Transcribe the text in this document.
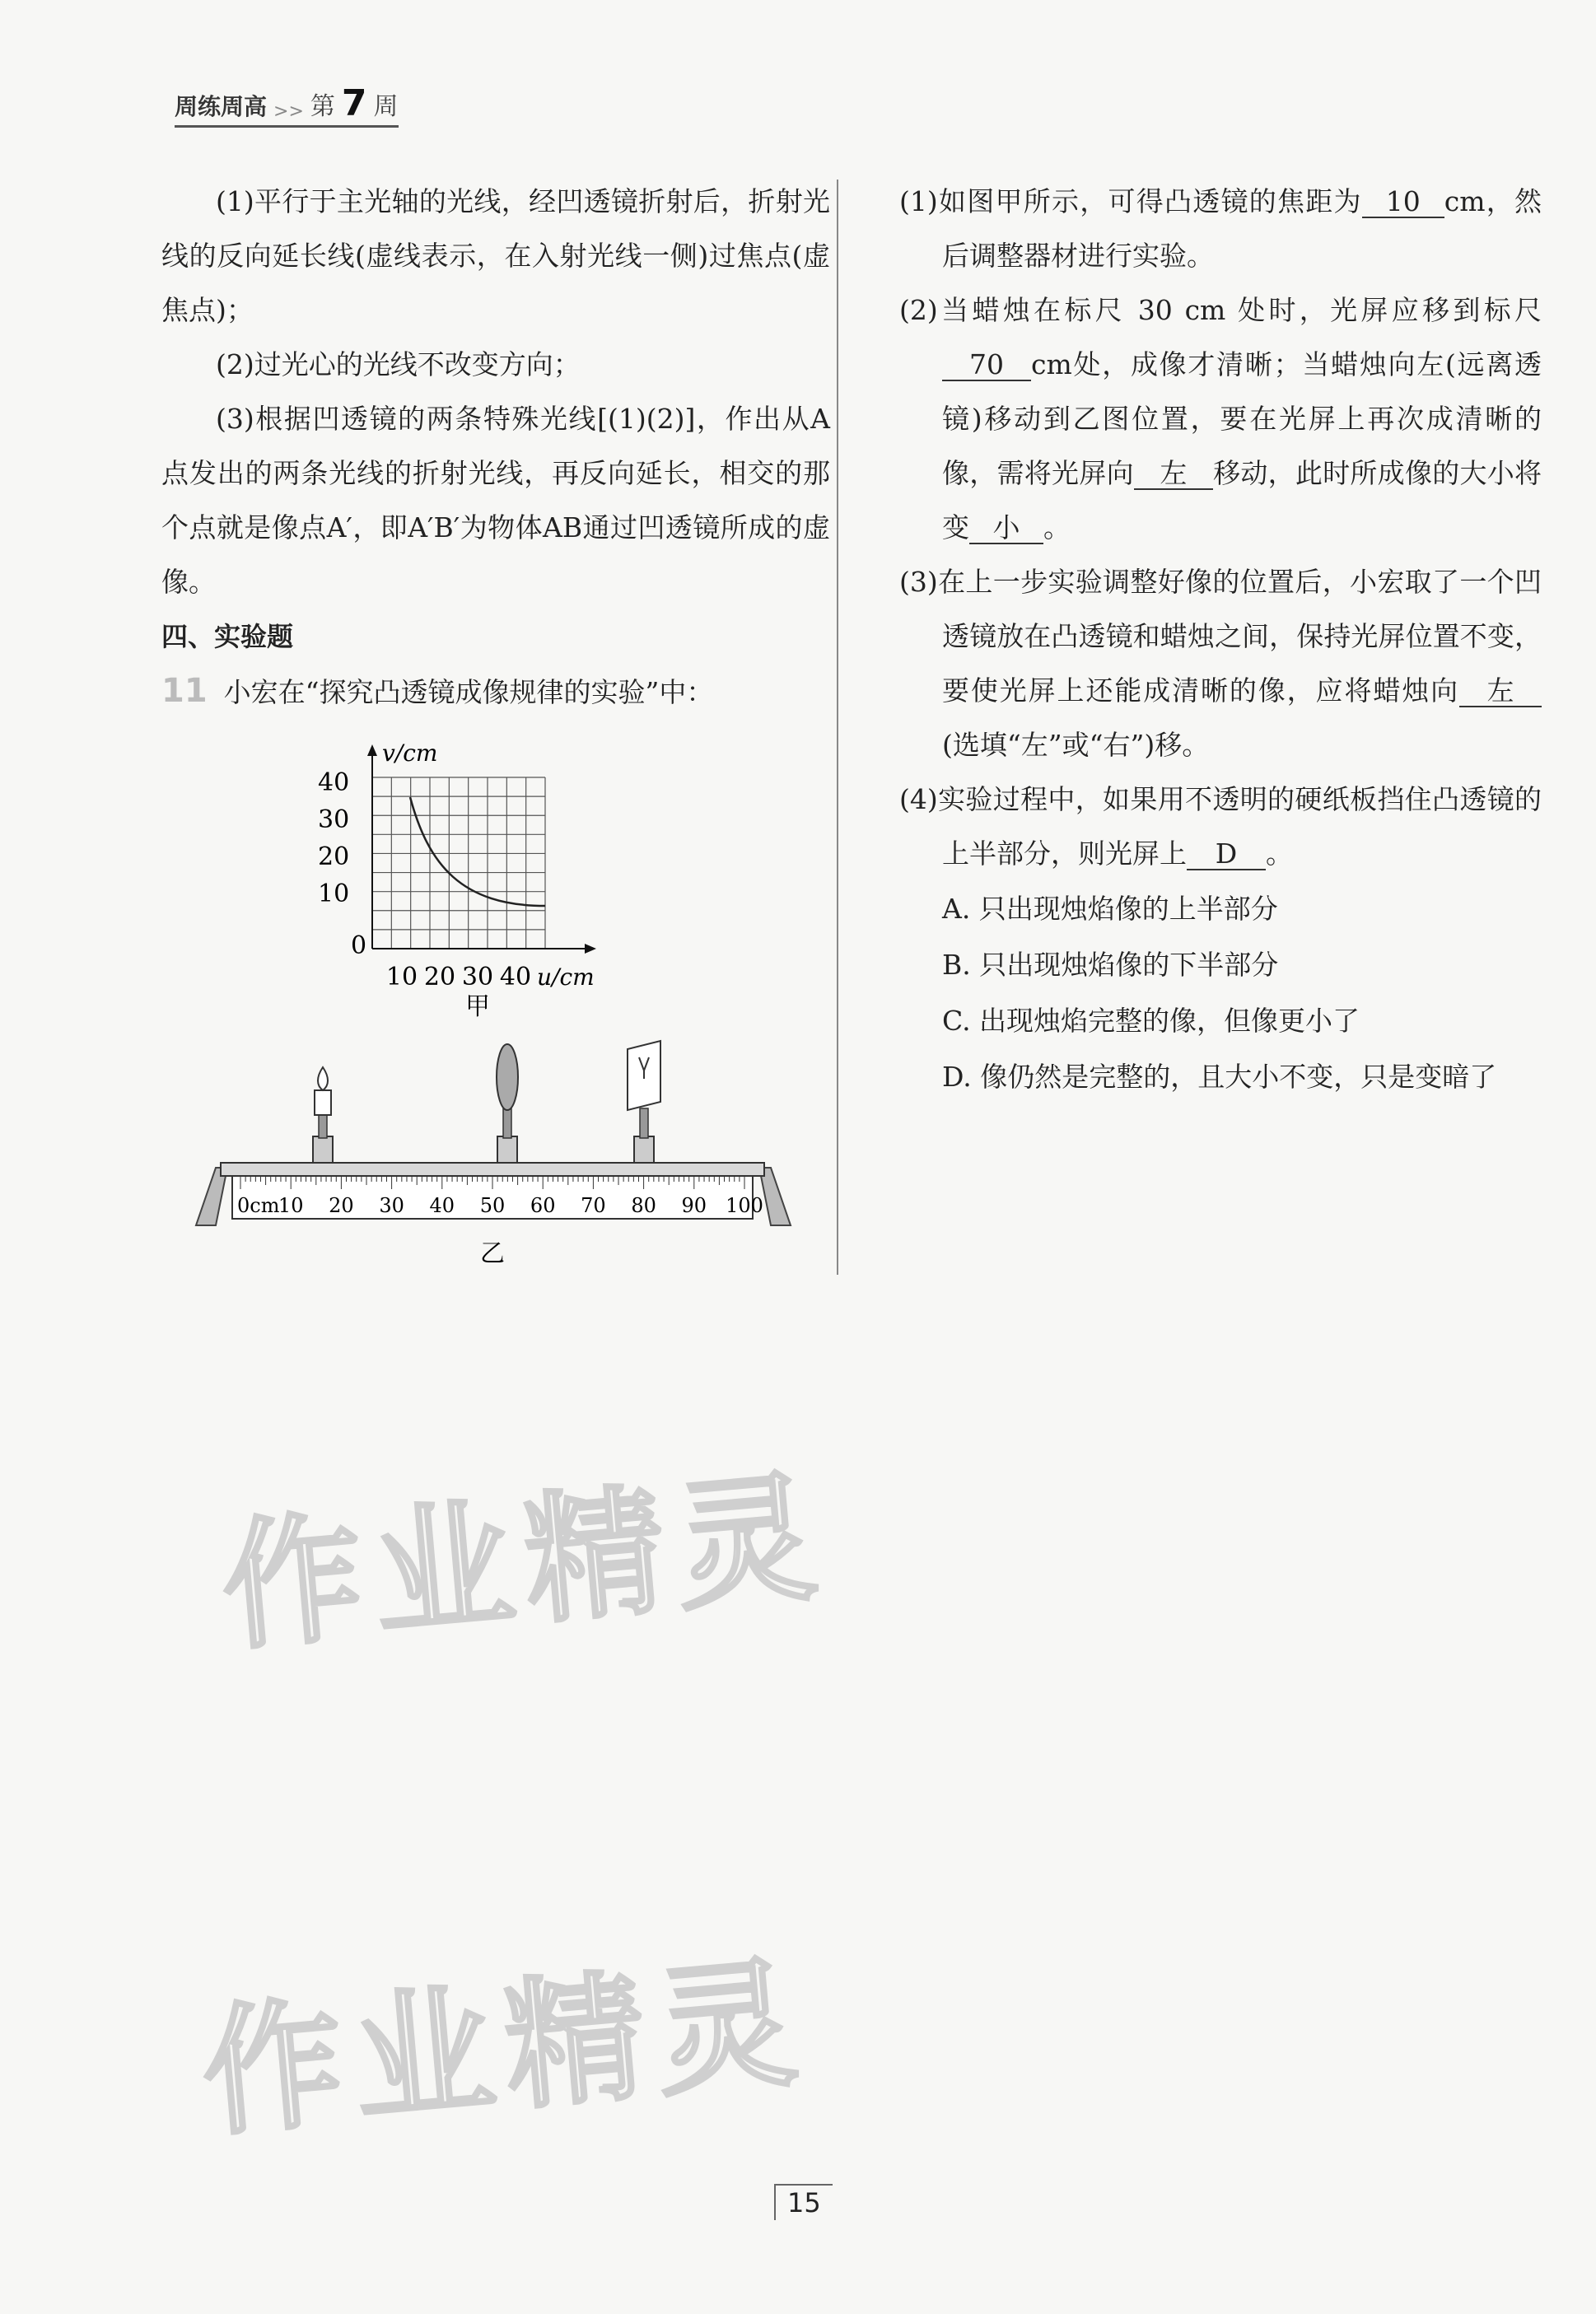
周练周高 >> 第 7 周

(1)平行于主光轴的光线，经凹透镜折射后，折射光线的反向延长线(虚线表示，在入射光线一侧)过焦点(虚焦点)；

(2)过光心的光线不改变方向；

(3)根据凹透镜的两条特殊光线[(1)(2)]，作出从A点发出的两条光线的折射光线，再反向延长，相交的那个点就是像点A′，即A′B′为物体AB通过凹透镜所成的虚像。

四、实验题

11 小宏在“探究凸透镜成像规律的实验”中：

v/cm
40
30
20
10
0
10 20 30 40 u/cm
甲
0cm
10 20 30 40 50 60 70 80 90 100
乙

(1)如图甲所示，可得凸透镜的焦距为 10 cm，然后调整器材进行实验。

(2)当蜡烛在标尺 30 cm 处时，光屏应移到标尺70 cm处，成像才清晰；当蜡烛向左(远离透镜)移动到乙图位置，要在光屏上再次成清晰的像，需将光屏向 左 移动，此时所成像的大小将变 小 。

(3)在上一步实验调整好像的位置后，小宏取了一个凹透镜放在凸透镜和蜡烛之间，保持光屏位置不变，要使光屏上还能成清晰的像，应将蜡烛向 左(选填“左”或“右”)移。

(4)实验过程中，如果用不透明的硬纸板挡住凸透镜的上半部分，则光屏上 D 。

A. 只出现烛焰像的上半部分

B. 只出现烛焰像的下半部分

C. 出现烛焰完整的像，但像更小了

D. 像仍然是完整的，且大小不变，只是变暗了

作业精灵
作业精灵
15
